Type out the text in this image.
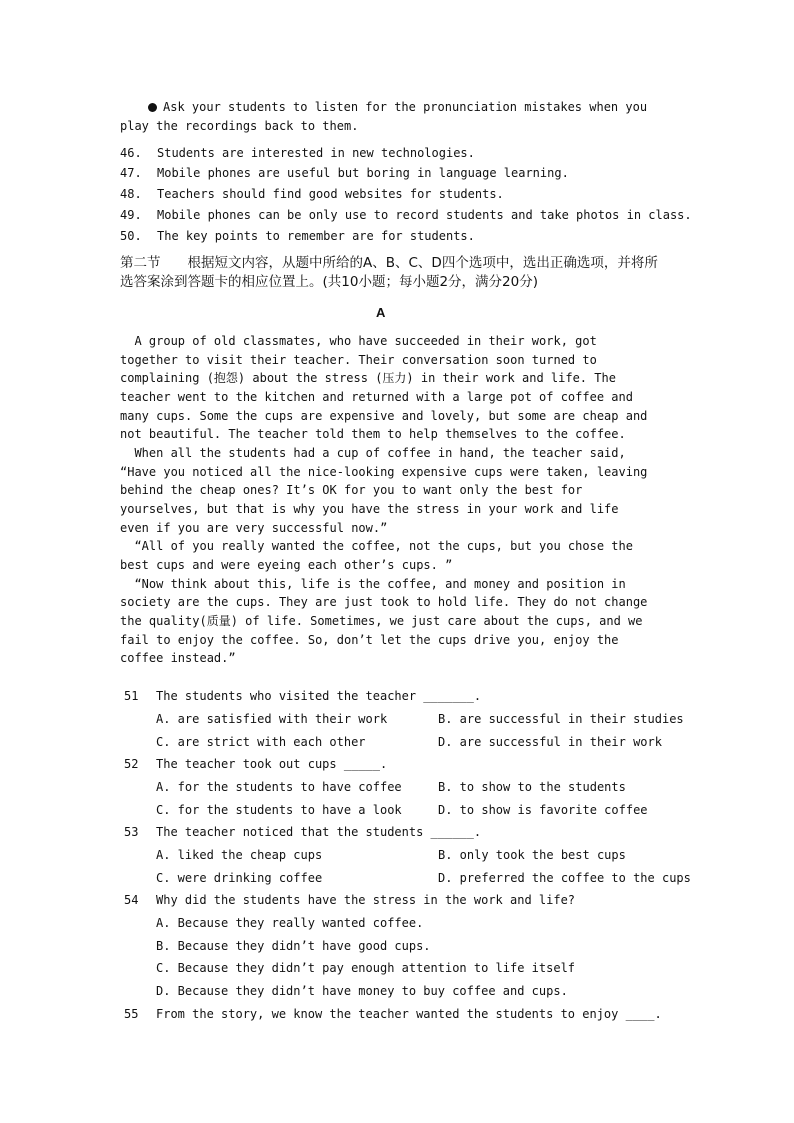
Ask your students to listen for the pronunciation mistakes when you
play the recordings back to them.
46. Students are interested in new technologies.
47. Mobile phones are useful but boring in language learning.
48. Teachers should find good websites for students.
49. Mobile phones can be only use to record students and take photos in class.
50. The key points to remember are for students.
第二节　　根据短文内容，从题中所给的A、B、C、D四个选项中，选出正确选项，并将所
选答案涂到答题卡的相应位置上。(共10小题；每小题2分，满分20分)
A
A group of old classmates, who have succeeded in their work, got
together to visit their teacher. Their conversation soon turned to
complaining (抱怨) about the stress (压力) in their work and life. The
teacher went to the kitchen and returned with a large pot of coffee and
many cups. Some the cups are expensive and lovely, but some are cheap and
not beautiful. The teacher told them to help themselves to the coffee.
When all the students had a cup of coffee in hand, the teacher said,
“Have you noticed all the nice-looking expensive cups were taken, leaving
behind the cheap ones? It’s OK for you to want only the best for
yourselves, but that is why you have the stress in your work and life
even if you are very successful now.”
“All of you really wanted the coffee, not the cups, but you chose the
best cups and were eyeing each other’s cups. ”
“Now think about this, life is the coffee, and money and position in
society are the cups. They are just took to hold life. They do not change
the quality(质量) of life. Sometimes, we just care about the cups, and we
fail to enjoy the coffee. So, don’t let the cups drive you, enjoy the
coffee instead.”
51 The students who visited the teacher _______.
A. are satisfied with their work	B. are successful in their studies
C. are strict with each other	D. are successful in their work
52 The teacher took out cups _____.
A. for the students to have coffee	B. to show to the students
C. for the students to have a look	D. to show is favorite coffee
53 The teacher noticed that the students ______.
A. liked the cheap cups	B. only took the best cups
C. were drinking coffee	D. preferred the coffee to the cups
54 Why did the students have the stress in the work and life?
A. Because they really wanted coffee.
B. Because they didn’t have good cups.
C. Because they didn’t pay enough attention to life itself
D. Because they didn’t have money to buy coffee and cups.
55 From the story, we know the teacher wanted the students to enjoy ____.
